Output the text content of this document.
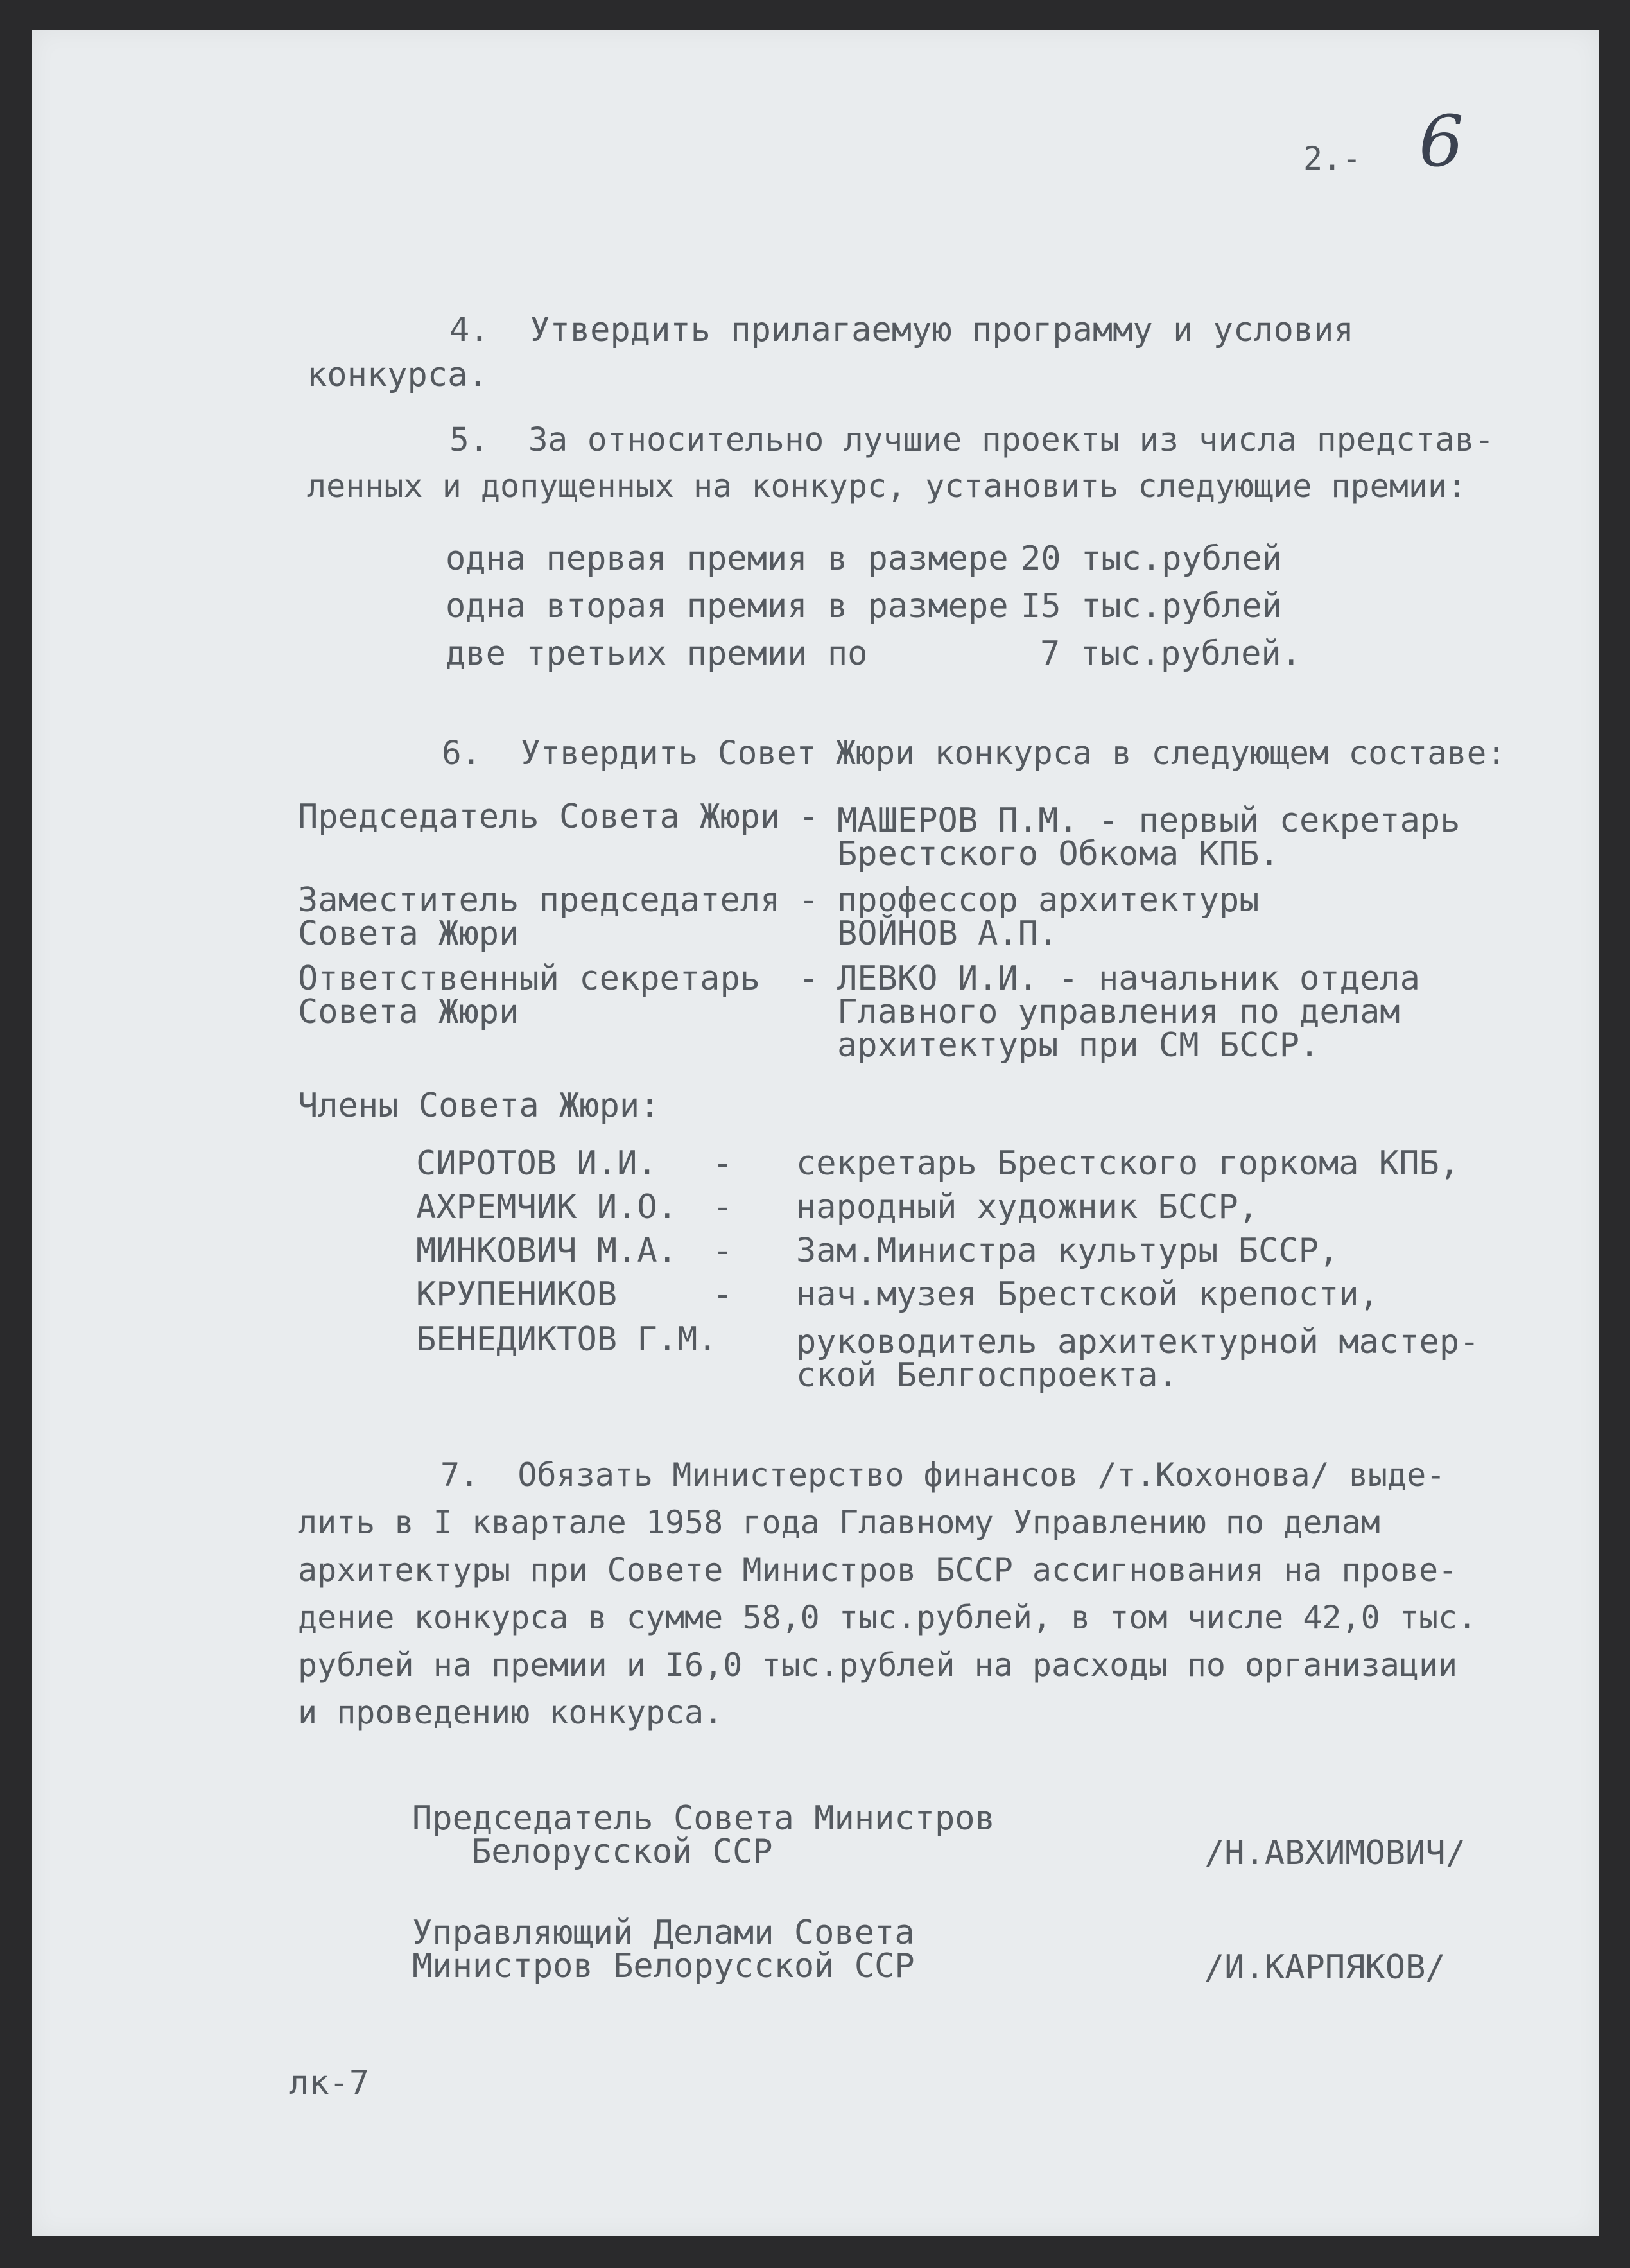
2.- 6
4.  Утвердить прилагаемую программу и условия
конкурса.
5.  За относительно лучшие проекты из числа представ-
ленных и допущенных на конкурс, установить следующие премии:
одна первая премия в размере 20 тыс.рублей
одна вторая премия в размере I5 тыс.рублей
две третьих премии по	7 тыс.рублей.
6.  Утвердить Совет Жюри конкурса в следующем составе:
Председатель Совета Жюри - МАШЕРОВ П.М. - первый секретарь
Брестского Обкома КПБ.
Заместитель председателя
Совета Жюри
- профессор архитектуры
ВОЙНОВ А.П.
Ответственный секретарь
Совета Жюри
- ЛЕВКО И.И. - начальник отдела
Главного управления по делам
архитектуры при СМ БССР.
Члены Совета Жюри:
СИРОТОВ И.И. - секретарь Брестского горкома КПБ,
АХРЕМЧИК И.О. - народный художник БССР,
МИНКОВИЧ М.А. - Зам.Министра культуры БССР,
КРУПЕНИКОВ	- нач.музея Брестской крепости,
БЕНЕДИКТОВ Г.М. руководитель архитектурной мастер-
ской Белгоспроекта.
7.  Обязать Министерство финансов /т.Кохонова/ выде-
лить в I квартале 1958 года Главному Управлению по делам
архитектуры при Совете Министров БССР ассигнования на прове-
дение конкурса в сумме 58,0 тыс.рублей, в том числе 42,0 тыс.
рублей на премии и I6,0 тыс.рублей на расходы по организации
и проведению конкурса.
Председатель Совета Министров
Белорусской ССР	/Н.АВХИМОВИЧ/
Управляющий Делами Совета
Министров Белорусской ССР	/И.КАРПЯКОВ/
лк-7
